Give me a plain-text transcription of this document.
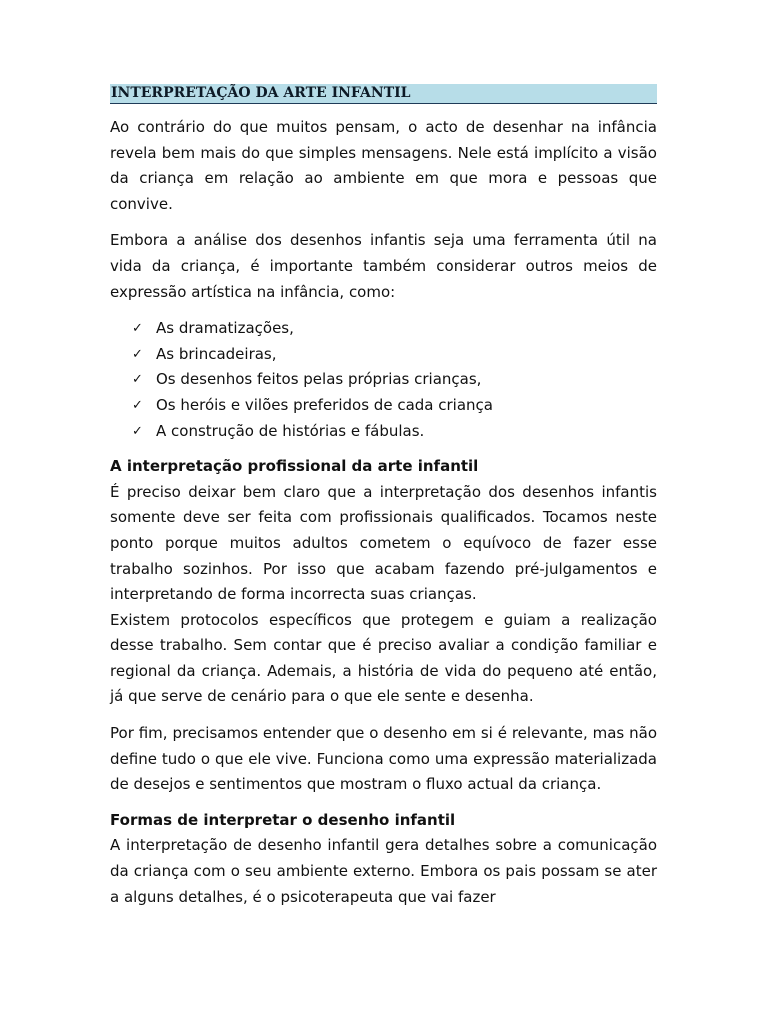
INTERPRETAÇÃO DA ARTE INFANTIL

Ao contrário do que muitos pensam, o acto de desenhar na infância revela bem mais do que simples mensagens. Nele está implícito a visão da criança em relação ao ambiente em que mora e pessoas que convive.

Embora a análise dos desenhos infantis seja uma ferramenta útil na vida da criança, é importante também considerar outros meios de expressão artística na infância, como:

✓ As dramatizações,
✓ As brincadeiras,
✓ Os desenhos feitos pelas próprias crianças,
✓ Os heróis e vilões preferidos de cada criança
✓ A construção de histórias e fábulas.
A interpretação profissional da arte infantil

É preciso deixar bem claro que a interpretação dos desenhos infantis somente deve ser feita com profissionais qualificados. Tocamos neste ponto porque muitos adultos cometem o equívoco de fazer esse trabalho sozinhos. Por isso que acabam fazendo pré-julgamentos e interpretando de forma incorrecta suas crianças.

Existem protocolos específicos que protegem e guiam a realização desse trabalho. Sem contar que é preciso avaliar a condição familiar e regional da criança. Ademais, a história de vida do pequeno até então, já que serve de cenário para o que ele sente e desenha.

Por fim, precisamos entender que o desenho em si é relevante, mas não define tudo o que ele vive. Funciona como uma expressão materializada de desejos e sentimentos que mostram o fluxo actual da criança.

Formas de interpretar o desenho infantil

A interpretação de desenho infantil gera detalhes sobre a comunicação da criança com o seu ambiente externo. Embora os pais possam se ater a alguns detalhes, é o psicoterapeuta que vai fazer
